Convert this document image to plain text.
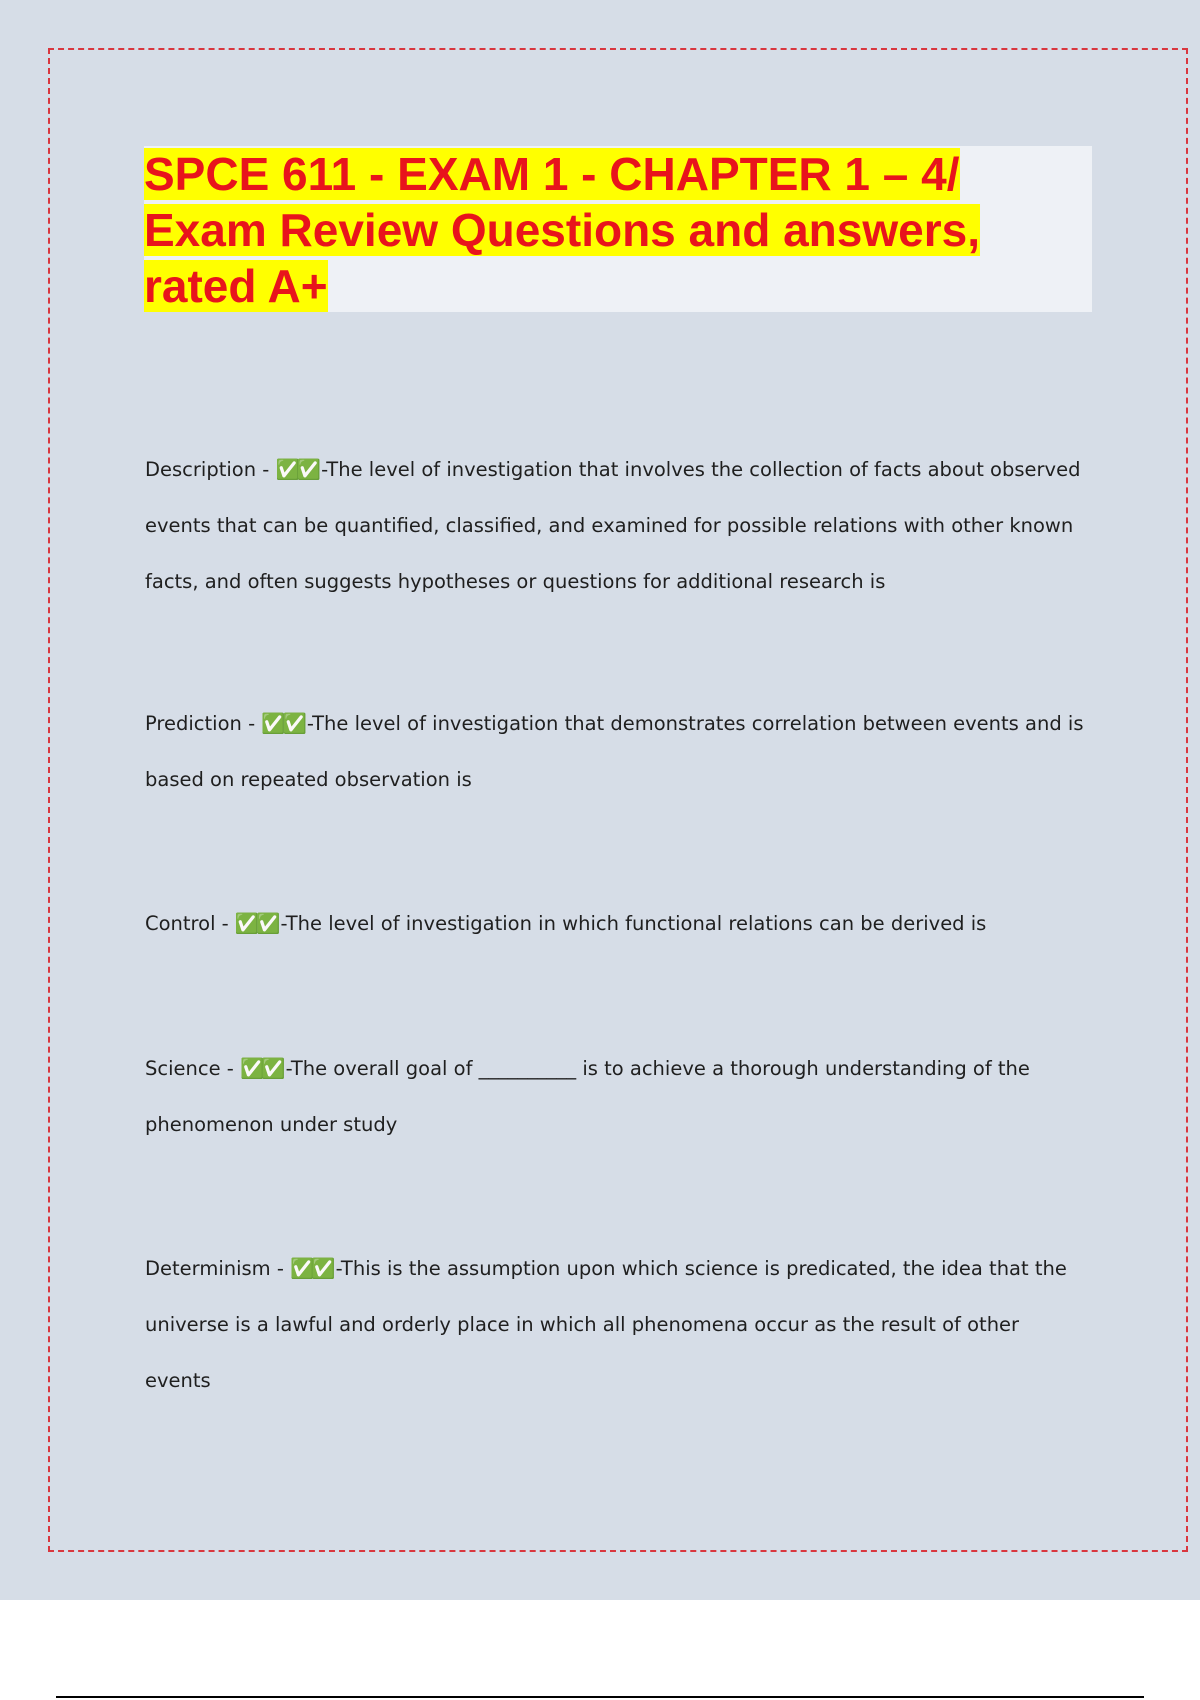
SPCE 611 - EXAM 1 - CHAPTER 1 – 4/
Exam Review Questions and answers,
rated A+

Description - ✅✅ -The level of investigation that involves the collection of facts about observed events that can be quantified, classified, and examined for possible relations with other known facts, and often suggests hypotheses or questions for additional research is

Prediction - ✅✅ -The level of investigation that demonstrates correlation between events and is based on repeated observation is

Control - ✅✅ -The level of investigation in which functional relations can be derived is

Science - ✅✅ -The overall goal of __________ is to achieve a thorough understanding of the phenomenon under study

Determinism - ✅✅ -This is the assumption upon which science is predicated, the idea that the universe is a lawful and orderly place in which all phenomena occur as the result of other events
